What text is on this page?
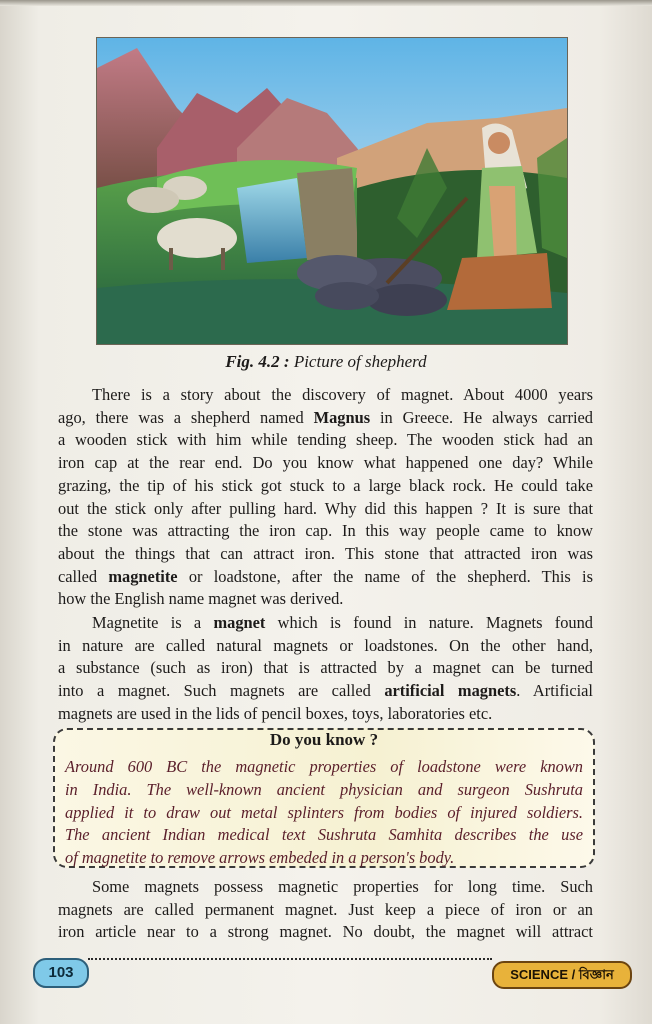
Fig. 4.2 : Picture of shepherd
There is a story about the discovery of magnet. About 4000 years
ago, there was a shepherd named Magnus in Greece. He always carried
a wooden stick with him while tending sheep. The wooden stick had an
iron cap at the rear end. Do you know what happened one day? While
grazing, the tip of his stick got stuck to a large black rock. He could take
out the stick only after pulling hard. Why did this happen ? It is sure that
the stone was attracting the iron cap. In this way people came to know
about the things that can attract iron. This stone that attracted iron was
called magnetite or loadstone, after the name of the shepherd. This is
how the English name magnet was derived.
Magnetite is a magnet which is found in nature. Magnets found
in nature are called natural magnets or loadstones. On the other hand,
a substance (such as iron) that is attracted by a magnet can be turned
into a magnet. Such magnets are called artificial magnets. Artificial
magnets are used in the lids of pencil boxes, toys, laboratories etc.
Do you know ?
Around 600 BC the magnetic properties of loadstone were known
in India. The well-known ancient physician and surgeon Sushruta
applied it to draw out metal splinters from bodies of injured soldiers.
The ancient Indian medical text Sushruta Samhita describes the use
of magnetite to remove arrows embeded in a person's body.
Some magnets possess magnetic properties for long time. Such
magnets are called permanent magnet. Just keep a piece of iron or an
iron article near to a strong magnet. No doubt, the magnet will attract
103	SCIENCE / বিজ্ঞান
